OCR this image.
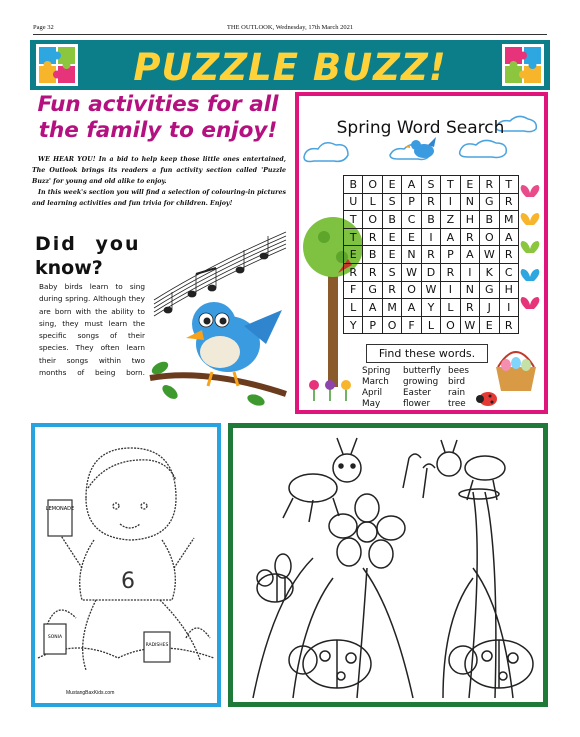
Page 32	THE OUTLOOK, Wednesday, 17th March 2021
PUZZLE BUZZ!
Fun activities for all
the family to enjoy!

WE HEAR YOU! In a bid to help keep those little ones entertained, The Outlook brings its readers a fun activity section called 'Puzzle Buzz' for young and old alike to enjoy.

In this week's section you will find a selection of colouring-in pictures and learning activities and fun trivia for children. Enjoy!

Did you
know?
Baby birds learn to sing during spring. Although they are born with the ability to sing, they must learn the specific songs of their species. They often learn their songs within two
months of being born.
Spring Word Search
B	O	E	A	S	T	E	R	T
U	L	S	P	R	I	N	G	R
T	O	B	C	B	Z	H	B	M
T	R	E	E	I	A	R	O	A
E	B	E	N	R	P	A	W	R
R	R	S	W	D	R	I	K	C
F	G	R	O	W	I	N	G	H
L	A	M	A	Y	L	R	J	I
Y	P	O	F	L	O	W	E	R
Find these words.
Spring
March
April
May
butterfly
growing
Easter
flower
bees
bird
rain
tree
LEMONADE
6
SONIA
RADISHES
MustangBaxKids.com
